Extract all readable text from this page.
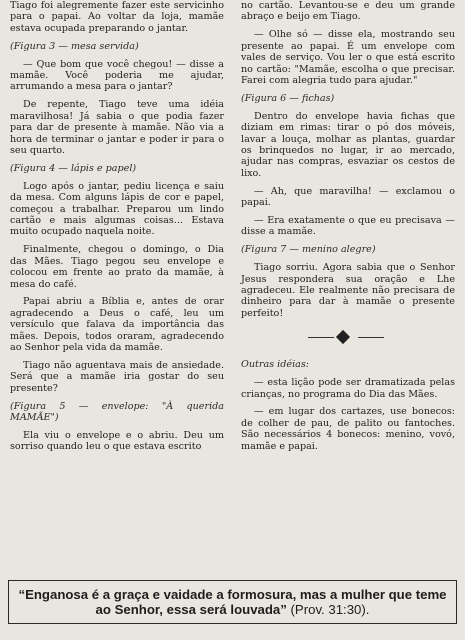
Tiago foi alegremente fazer este servicinho para o papai. Ao voltar da loja, mamãe estava ocupada preparando o jantar.

(Figura 3 — mesa servida)

— Que bom que você chegou! — disse a mamãe. Você poderia me ajudar, arrumando a mesa para o jantar?

De repente, Tiago teve uma idéia maravilhosa! Já sabia o que podia fazer para dar de presente à mamãe. Não via a hora de terminar o jantar e poder ir para o seu quarto.

(Figura 4 — lápis e papel)

Logo após o jantar, pediu licença e saiu da mesa. Com alguns lápis de cor e papel, começou a trabalhar. Preparou um lindo cartão e mais algumas coisas... Estava muito ocupado naquela noite.

Finalmente, chegou o domingo, o Dia das Mães. Tiago pegou seu envelope e colocou em frente ao prato da mamãe, à mesa do café.

Papai abriu a Bíblia e, antes de orar agradecendo a Deus o café, leu um versículo que falava da importância das mães. Depois, todos oraram, agradecendo ao Senhor pela vida da mamãe.

Tiago não aguentava mais de ansiedade. Será que a mamãe iria gostar do seu presente?

(Figura 5 — envelope: "À querida MAMÃE")

Ela viu o envelope e o abriu. Deu um sorriso quando leu o que estava escrito

no cartão. Levantou-se e deu um grande abraço e beijo em Tiago.

— Olhe só — disse ela, mostrando seu presente ao papai. É um envelope com vales de serviço. Vou ler o que está escrito no cartão: "Mamãe, escolha o que precisar. Farei com alegria tudo para ajudar."

(Figura 6 — fichas)

Dentro do envelope havia fichas que diziam em rimas: tirar o pó dos móveis, lavar a louça, molhar as plantas, guardar os brinquedos no lugar, ir ao mercado, ajudar nas compras, esvaziar os cestos de lixo.

— Ah, que maravilha! — exclamou o papai.

— Era exatamente o que eu precisava — disse a mamãe.

(Figura 7 — menino alegre)

Tiago sorriu. Agora sabia que o Senhor Jesus respondera sua oração e Lhe agradeceu. Ele realmente não precisara de dinheiro para dar à mamãe o presente perfeito!

Outras idéias:

— esta lição pode ser dramatizada pelas crianças, no programa do Dia das Mães.

— em lugar dos cartazes, use bonecos: de colher de pau, de palito ou fantoches. São necessários 4 bonecos: menino, vovó, mamãe e papai.

“Enganosa é a graça e vaidade a formosura, mas a mulher que teme ao Senhor, essa será louvada” (Prov. 31:30).
